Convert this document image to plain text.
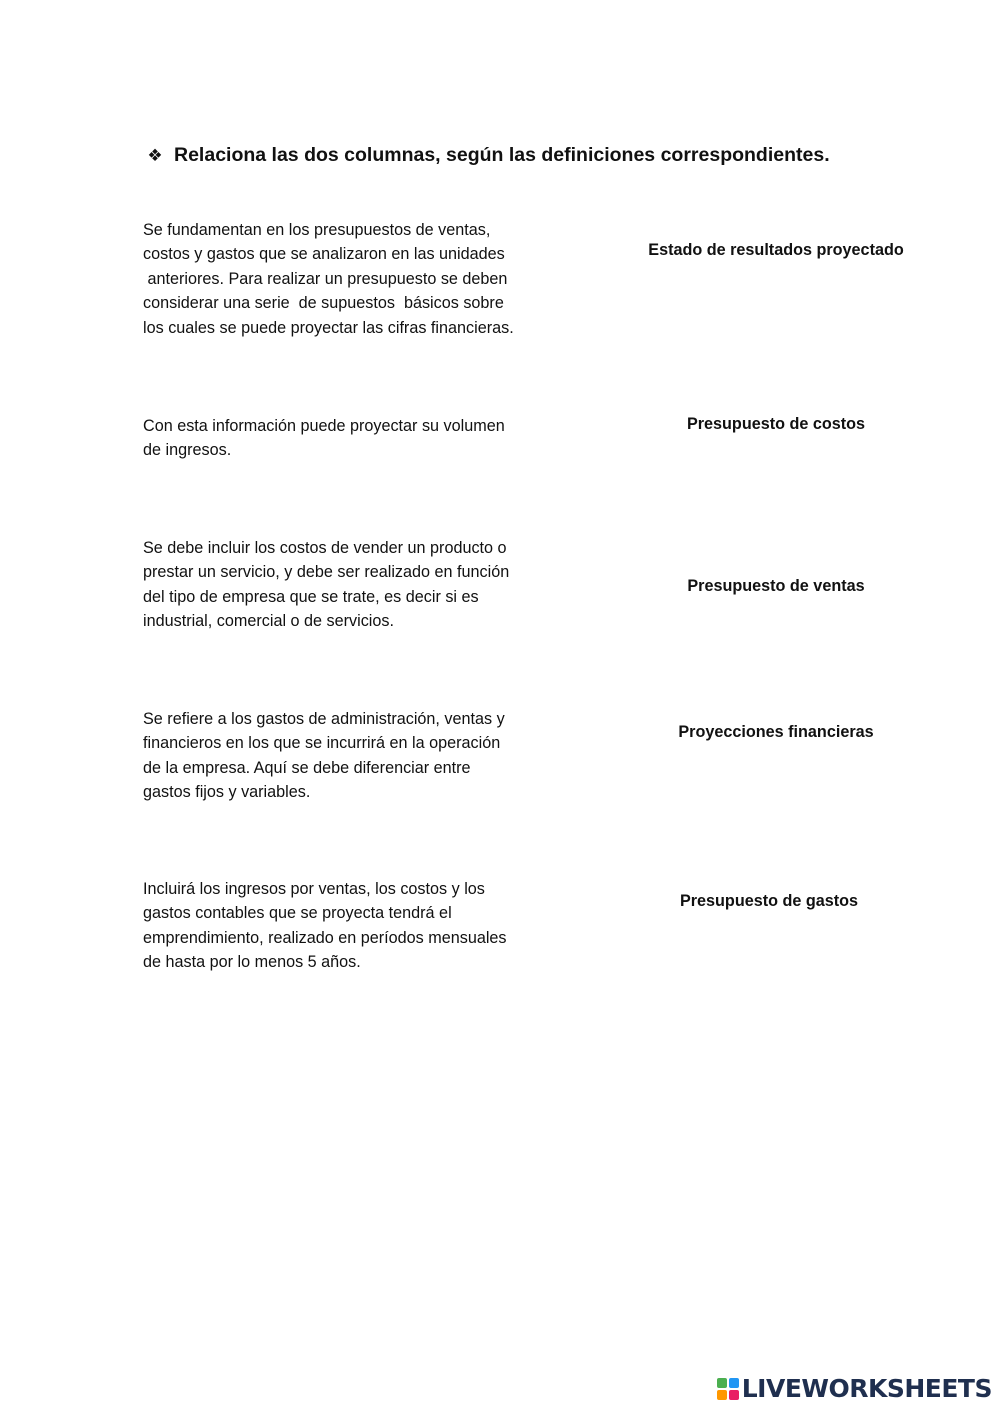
❖ Relaciona las dos columnas, según las definiciones correspondientes.

Se fundamentan en los presupuestos de ventas,
costos y gastos que se analizaron en las unidades
anteriores. Para realizar un presupuesto se deben
considerar una serie  de supuestos  básicos sobre
los cuales se puede proyectar las cifras financieras.

Con esta información puede proyectar su volumen
de ingresos.

Se debe incluir los costos de vender un producto o
prestar un servicio, y debe ser realizado en función
del tipo de empresa que se trate, es decir si es
industrial, comercial o de servicios.

Se refiere a los gastos de administración, ventas y
financieros en los que se incurrirá en la operación
de la empresa. Aquí se debe diferenciar entre
gastos fijos y variables.

Incluirá los ingresos por ventas, los costos y los
gastos contables que se proyecta tendrá el
emprendimiento, realizado en períodos mensuales
de hasta por lo menos 5 años.

Estado de resultados proyectado
Presupuesto de costos
Presupuesto de ventas
Proyecciones financieras
Presupuesto de gastos
LIVEWORKSHEETS
